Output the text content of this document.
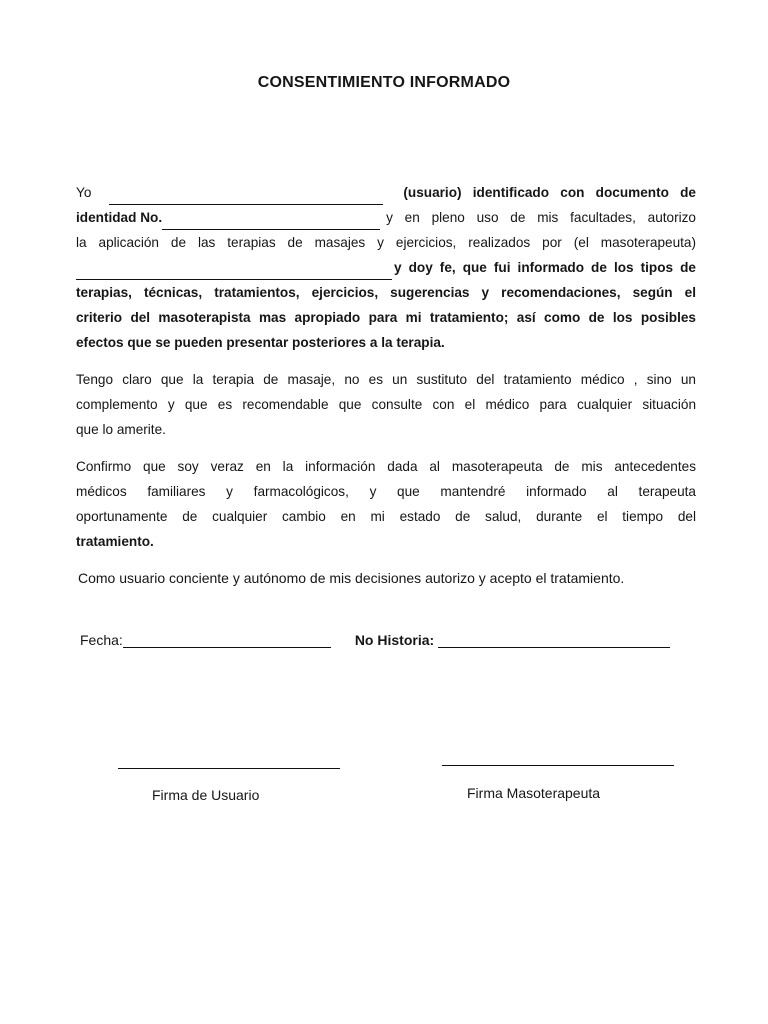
CONSENTIMIENTO INFORMADO
Yo	(usuario) identificado con documento de
identidad No.	y en pleno uso de mis facultades, autorizo
la aplicación de las terapias de masajes y ejercicios, realizados por (el masoterapeuta)
y doy fe, que fui informado de los tipos de
terapias, técnicas, tratamientos, ejercicios, sugerencias y recomendaciones, según el
criterio del masoterapista mas apropiado para mi tratamiento; así como de los posibles
efectos que se pueden presentar posteriores a la terapia.
Tengo claro que la terapia de masaje, no es un sustituto del tratamiento médico , sino un
complemento y que es recomendable que consulte con el médico para cualquier situación
que lo amerite.
Confirmo que soy veraz en la información dada al masoterapeuta de mis antecedentes
médicos familiares y farmacológicos, y que mantendré informado al terapeuta
oportunamente de cualquier cambio en mi estado de salud, durante el tiempo del
tratamiento.
Como usuario conciente y autónomo de mis decisiones autorizo y acepto el tratamiento.
Fecha:	No Historia:
Firma de Usuario	Firma Masoterapeuta
